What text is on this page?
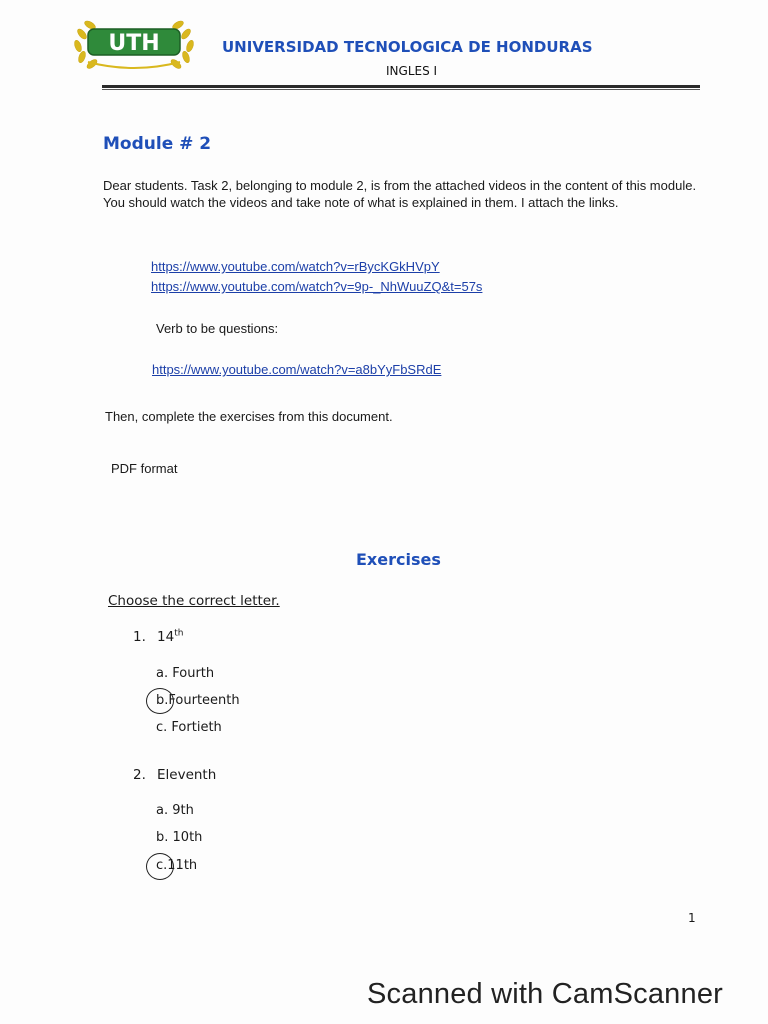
UTH	UNIVERSIDAD TECNOLOGICA DE HONDURAS
INGLES I
Module # 2
Dear students. Task 2, belonging to module 2, is from the attached videos in the content of this module. You should watch the videos and take note of what is explained in them. I attach the links.
https://www.youtube.com/watch?v=rBycKGkHVpY
https://www.youtube.com/watch?v=9p-_NhWuuZQ&t=57s
Verb to be questions:
https://www.youtube.com/watch?v=a8bYyFbSRdE
Then, complete the exercises from this document.
PDF format
Exercises
Choose the correct letter.
1. 14th
a. Fourth
b.Fourteenth
c. Fortieth
2. Eleventh
a. 9th
b. 10th
c.11th
1
Scanned with CamScanner
